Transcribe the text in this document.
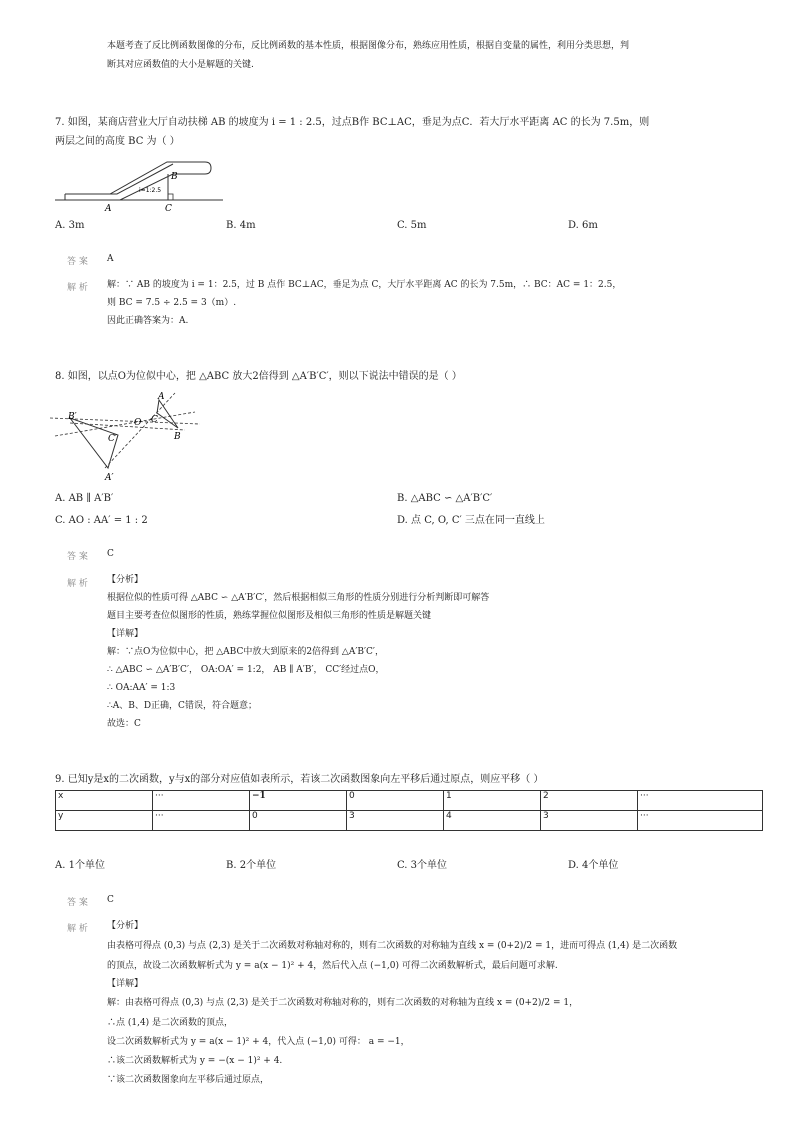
本题考查了反比例函数图像的分布，反比例函数的基本性质，根据图像分布，熟练应用性质，根据自变量的属性，利用分类思想，判
断其对应函数值的大小是解题的关键.
7. 如图，某商店营业大厅自动扶梯 AB 的坡度为 i = 1 : 2.5，过点B作 BC⊥AC，垂足为点C．若大厅水平距离 AC 的长为 7.5m，则
两层之间的高度 BC 为（ ）
A
B
C
i=1:2.5
A. 3m	B. 4m	C. 5m	D. 6m
答 案 A
解 析 解：∵ AB 的坡度为 i = 1：2.5，过 B 点作 BC⊥AC，垂足为点 C，大厅水平距离 AC 的长为 7.5m，∴ BC：AC = 1：2.5，
则 BC = 7.5 ÷ 2.5 = 3（m）.
因此正确答案为：A.
8. 如图，以点O为位似中心，把 △ABC 放大2倍得到 △A′B′C′，则以下说法中错误的是（ ）
A
B
C
O
B′
C′
A′
A. AB ∥ A′B′	B. △ABC ∽ △A′B′C′
C. AO : AA′ = 1 : 2	D. 点 C, O, C′ 三点在同一直线上
答 案 C
解 析 【分析】
根据位似的性质可得 △ABC ∽ △A′B′C′，然后根据相似三角形的性质分别进行分析判断即可解答
题目主要考查位似图形的性质，熟练掌握位似图形及相似三角形的性质是解题关键
【详解】
解：∵点O为位似中心，把 △ABC中放大到原来的2倍得到 △A′B′C′，
∴ △ABC ∽ △A′B′C′， OA:OA′ = 1:2， AB ∥ A′B′， CC′经过点O，
∴ OA:AA′ = 1:3
∴A、B、D正确，C错误，符合题意；
故选：C
9. 已知y是x的二次函数，y与x的部分对应值如表所示，若该二次函数图象向左平移后通过原点，则应平移（ ）
x	···	−1	0	1	2	···
y	···	0	3	4	3	···
A. 1个单位	B. 2个单位	C. 3个单位	D. 4个单位
答 案 C
解 析 【分析】
由表格可得点 (0,3) 与点 (2,3) 是关于二次函数对称轴对称的，则有二次函数的对称轴为直线 x = (0+2)/2 = 1，进而可得点 (1,4) 是二次函数
的顶点，故设二次函数解析式为 y = a(x − 1)² + 4，然后代入点 (−1,0) 可得二次函数解析式，最后问题可求解.
【详解】
解：由表格可得点 (0,3) 与点 (2,3) 是关于二次函数对称轴对称的，则有二次函数的对称轴为直线 x = (0+2)/2 = 1，
∴点 (1,4) 是二次函数的顶点，
设二次函数解析式为 y = a(x − 1)² + 4，代入点 (−1,0) 可得： a = −1，
∴该二次函数解析式为 y = −(x − 1)² + 4.
∵该二次函数图象向左平移后通过原点，
